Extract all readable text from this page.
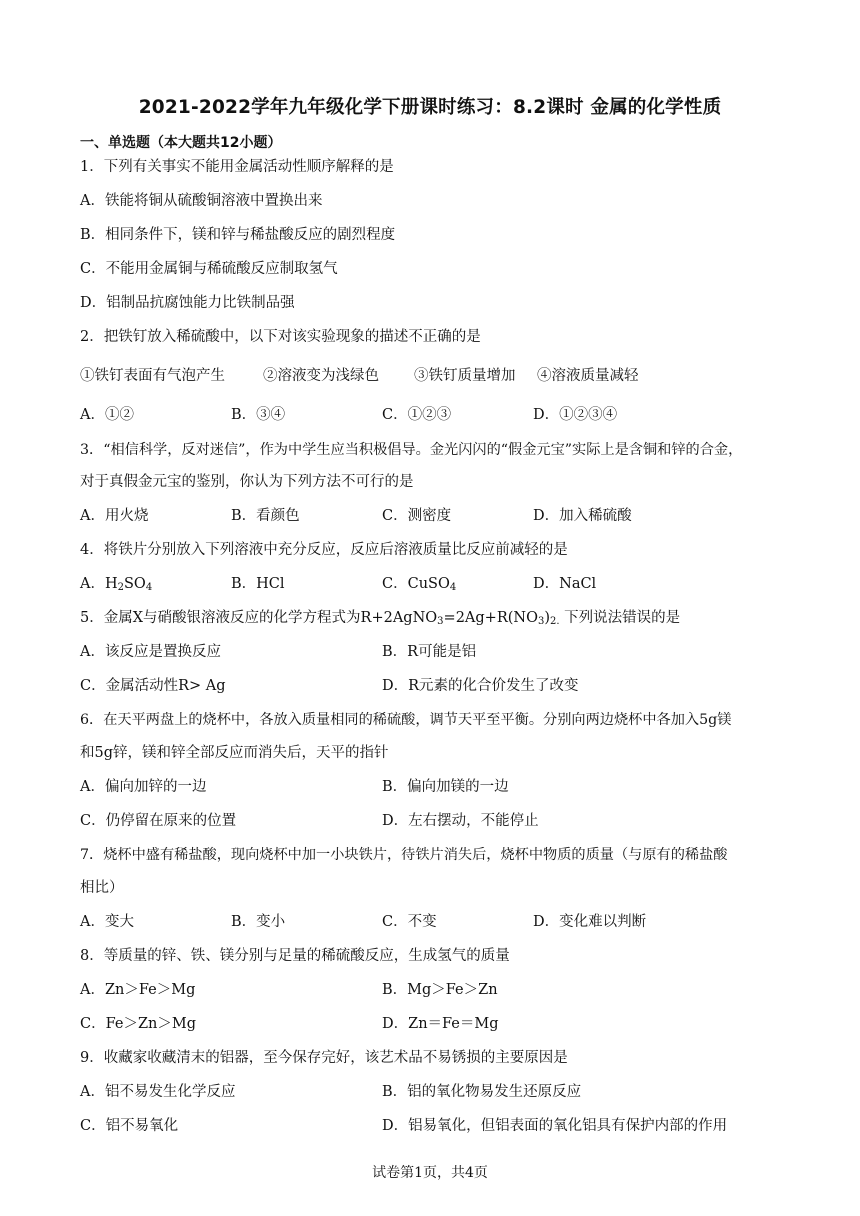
2021-2022学年九年级化学下册课时练习：8.2课时 金属的化学性质
一、单选题（本大题共12小题）
1．下列有关事实不能用金属活动性顺序解释的是
A．铁能将铜从硫酸铜溶液中置换出来
B．相同条件下，镁和锌与稀盐酸反应的剧烈程度
C．不能用金属铜与稀硫酸反应制取氢气
D．铝制品抗腐蚀能力比铁制品强
2．把铁钉放入稀硫酸中，以下对该实验现象的描述不正确的是
①铁钉表面有气泡产生	②溶液变为浅绿色 ③铁钉质量增加 ④溶液质量减轻
A．①②	B．③④	C．①②③	D．①②③④
3．“相信科学，反对迷信”，作为中学生应当积极倡导。金光闪闪的“假金元宝”实际上是含铜和锌的合金，
对于真假金元宝的鉴别，你认为下列方法不可行的是
A．用火烧	B．看颜色	C．测密度	D．加入稀硫酸
4．将铁片分别放入下列溶液中充分反应，反应后溶液质量比反应前减轻的是
A．$H_2SO_4$	B．HCl	C．CuSO$_4$	D．NaCl
5．金属X与硝酸银溶液反应的化学方程式为$R+2AgNO_3=2Ag+R(NO_3)_{2.}$ 下列说法错误的是
A．该反应是置换反应	B．R可能是铝
C．金属活动性R> Ag	D．R元素的化合价发生了改变
6．在天平两盘上的烧杯中，各放入质量相同的稀硫酸，调节天平至平衡。分别向两边烧杯中各加入5g镁
和5g锌，镁和锌全部反应而消失后，天平的指针
A．偏向加锌的一边	B．偏向加镁的一边
C．仍停留在原来的位置	D．左右摆动，不能停止
7．烧杯中盛有稀盐酸，现向烧杯中加一小块铁片，待铁片消失后，烧杯中物质的质量（与原有的稀盐酸
相比）
A．变大	B．变小	C．不变	D．变化难以判断
8．等质量的锌、铁、镁分别与足量的稀硫酸反应，生成氢气的质量
A．Zn＞Fe＞Mg	B．Mg＞Fe＞Zn
C．Fe＞Zn＞Mg	D．Zn＝Fe＝Mg
9．收藏家收藏清末的铝器，至今保存完好，该艺术品不易锈损的主要原因是
A．铝不易发生化学反应	B．铝的氧化物易发生还原反应
C．铝不易氧化	D．铝易氧化，但铝表面的氧化铝具有保护内部的作用
试卷第1页，共4页
